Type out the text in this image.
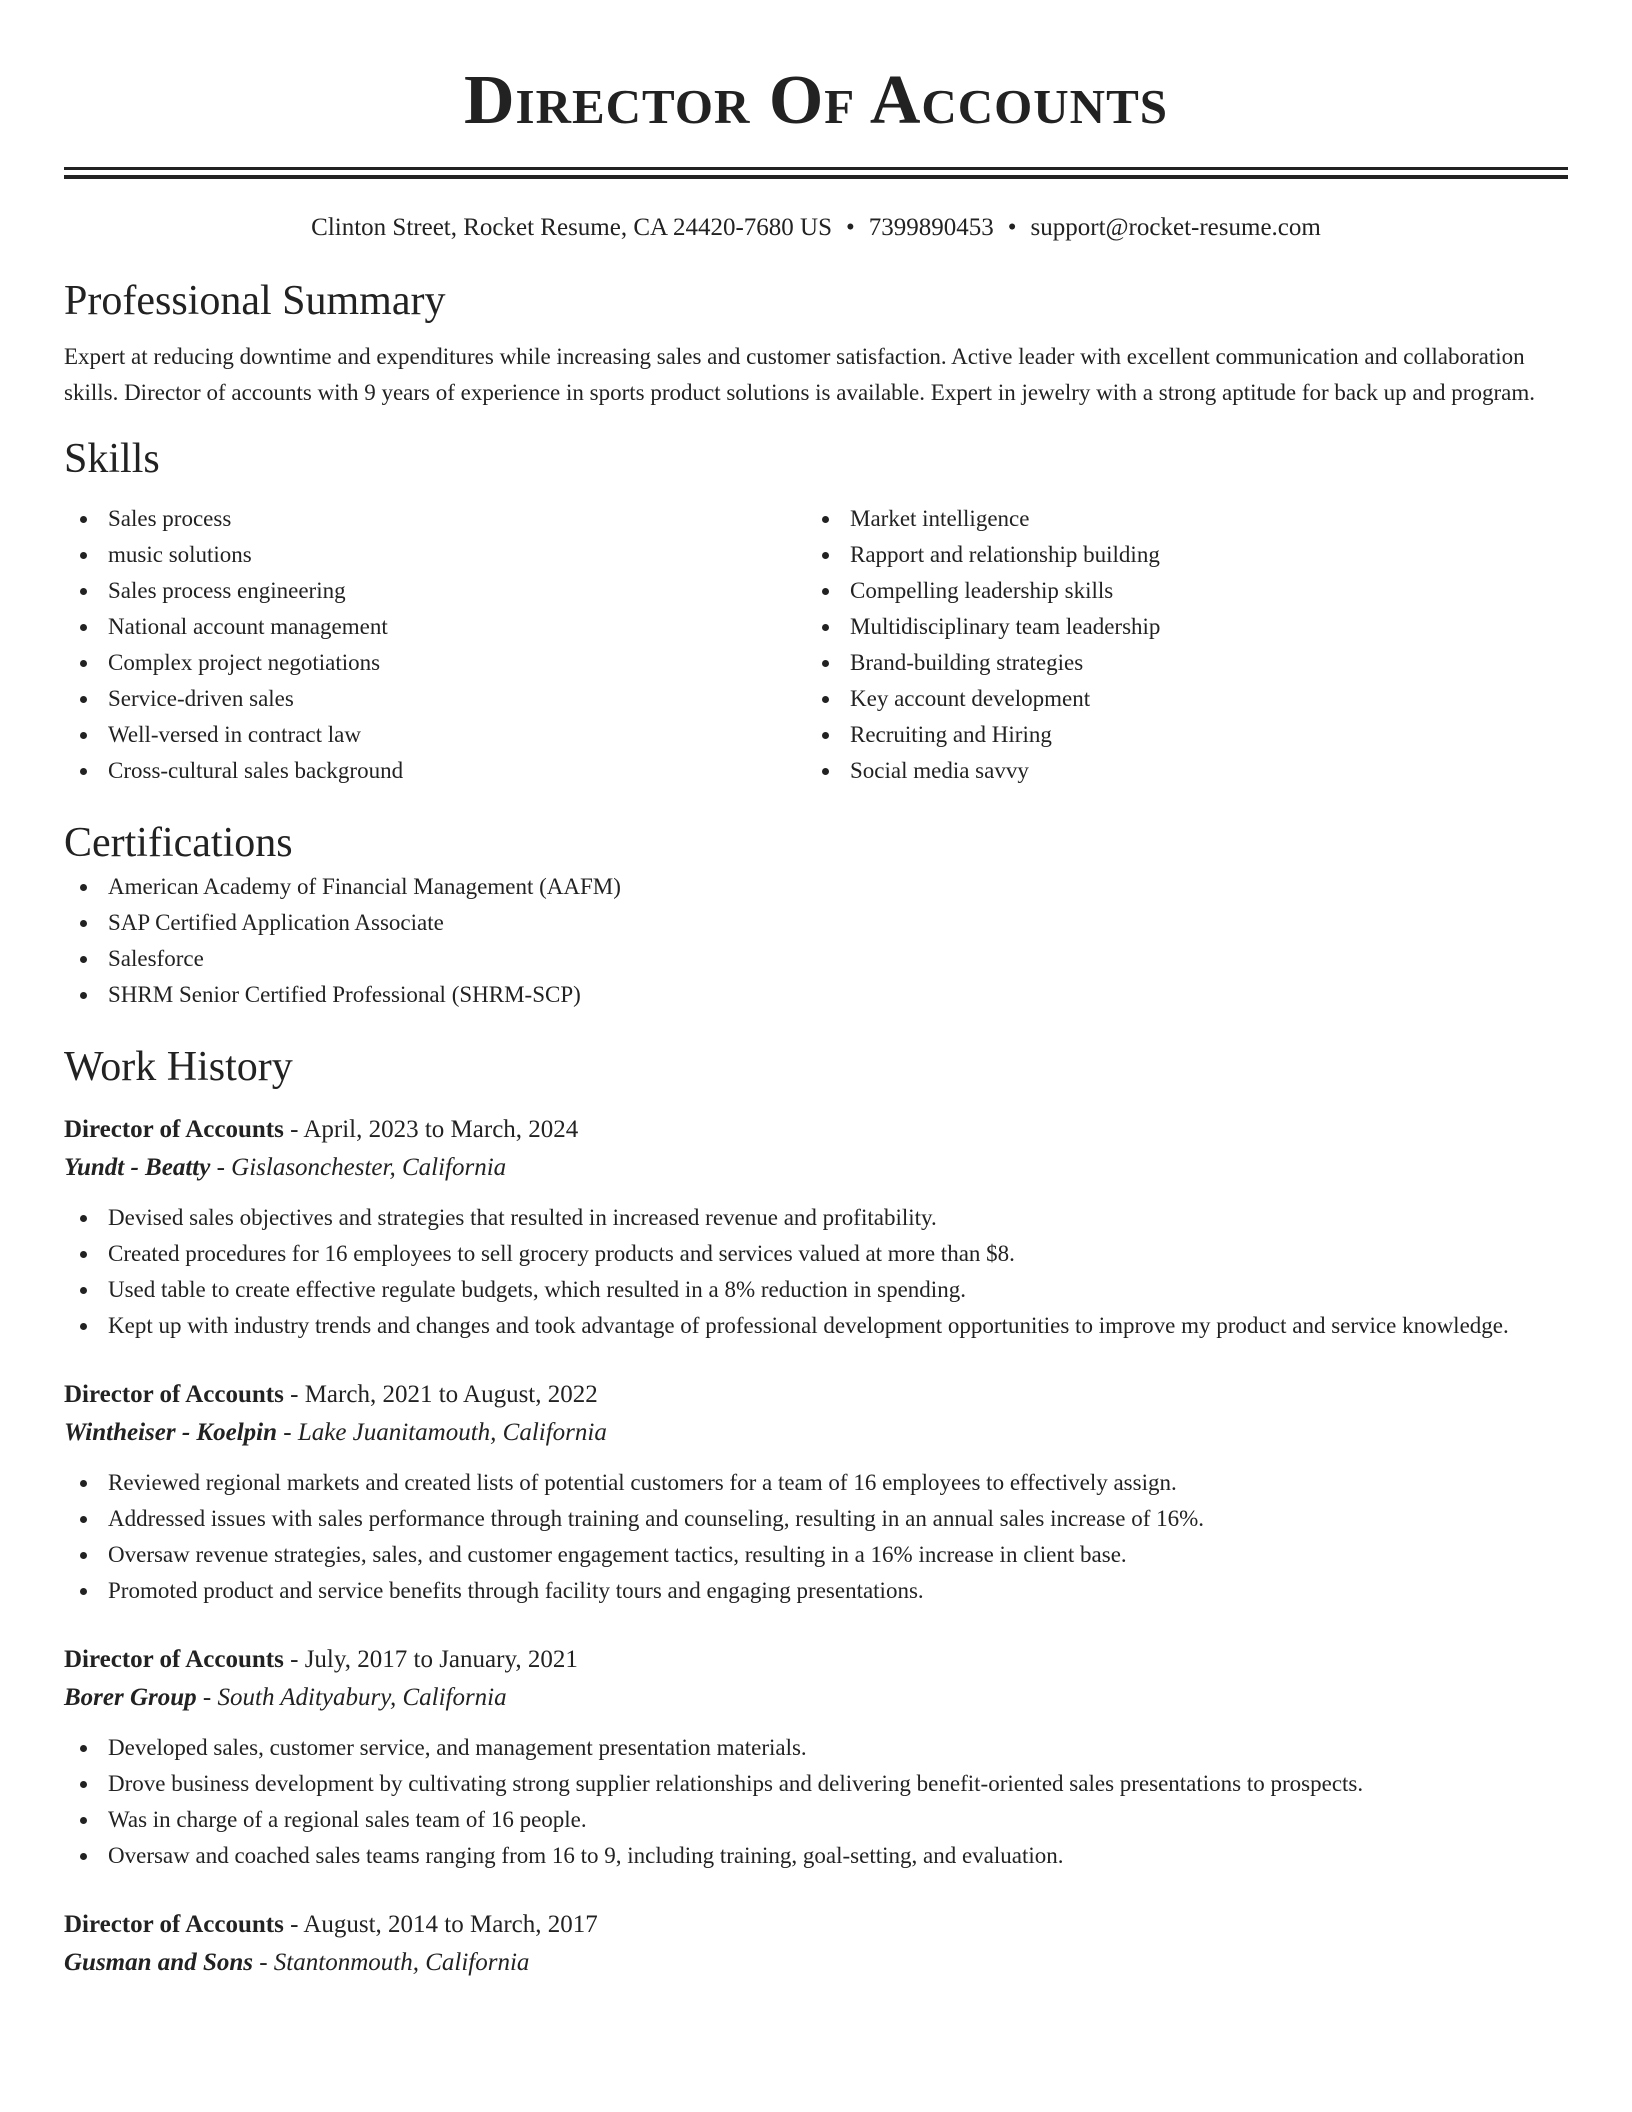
Director Of Accounts
Clinton Street, Rocket Resume, CA 24420-7680 US • 7399890453 • support@rocket-resume.com
Professional Summary
Expert at reducing downtime and expenditures while increasing sales and customer satisfaction. Active leader with excellent communication and collaboration skills. Director of accounts with 9 years of experience in sports product solutions is available. Expert in jewelry with a strong aptitude for back up and program.
Skills
Sales process
music solutions
Sales process engineering
National account management
Complex project negotiations
Service-driven sales
Well-versed in contract law
Cross-cultural sales background
Market intelligence
Rapport and relationship building
Compelling leadership skills
Multidisciplinary team leadership
Brand-building strategies
Key account development
Recruiting and Hiring
Social media savvy
Certifications
American Academy of Financial Management (AAFM)
SAP Certified Application Associate
Salesforce
SHRM Senior Certified Professional (SHRM-SCP)
Work History
Director of Accounts - April, 2023 to March, 2024
Yundt - Beatty - Gislasonchester, California
Devised sales objectives and strategies that resulted in increased revenue and profitability.
Created procedures for 16 employees to sell grocery products and services valued at more than $8.
Used table to create effective regulate budgets, which resulted in a 8% reduction in spending.
Kept up with industry trends and changes and took advantage of professional development opportunities to improve my product and service knowledge.
Director of Accounts - March, 2021 to August, 2022
Wintheiser - Koelpin - Lake Juanitamouth, California
Reviewed regional markets and created lists of potential customers for a team of 16 employees to effectively assign.
Addressed issues with sales performance through training and counseling, resulting in an annual sales increase of 16%.
Oversaw revenue strategies, sales, and customer engagement tactics, resulting in a 16% increase in client base.
Promoted product and service benefits through facility tours and engaging presentations.
Director of Accounts - July, 2017 to January, 2021
Borer Group - South Adityabury, California
Developed sales, customer service, and management presentation materials.
Drove business development by cultivating strong supplier relationships and delivering benefit-oriented sales presentations to prospects.
Was in charge of a regional sales team of 16 people.
Oversaw and coached sales teams ranging from 16 to 9, including training, goal-setting, and evaluation.
Director of Accounts - August, 2014 to March, 2017
Gusman and Sons - Stantonmouth, California
